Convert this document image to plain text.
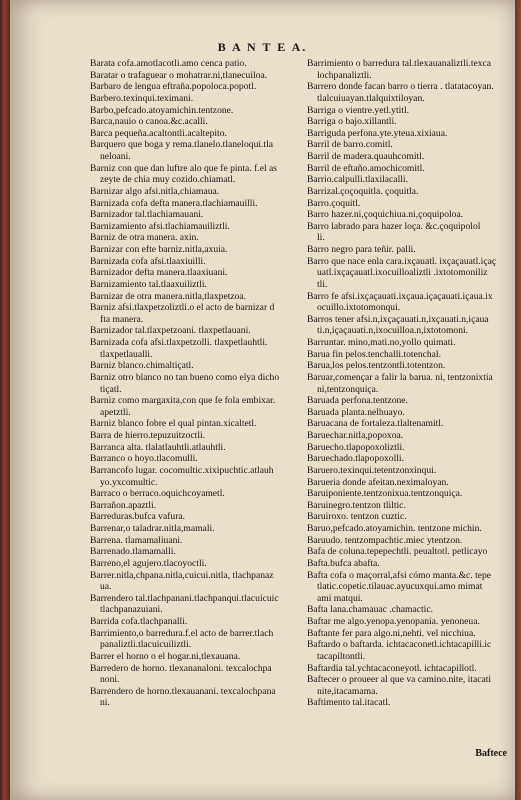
B A N T E A.
Barata cofa.amotlacotli.amo cenca patio.
Baratar o trafaguear o mohatrar.ni,tlanecuiloa.
Barbaro de lengua eftraña.popoloca.popotl.
Barbero.texinqui.teximani.
Barbo,pefcado.atoyamichin.tentzone.
Barca,nauio o canoa.&c.acalli.
Barca pequeña.acaltontli.acaltepito.
Barquero que boga y rema.tlanelo.tlaneloqui.tla
neloani.
Barniz con que dan luftre alo que fe pinta. f.el as
zeyte de chia muy cozido.chiamatl.
Barnizar algo afsi.nitla,chiamaua.
Barnizada cofa defta manera.tlachiamauilli.
Barnizador tal.tlachiamauani.
Barnizamiento afsi.tlachiamauiliztli.
Barniz de otra manera. axin.
Barnizar con efte barniz.nitla,axuia.
Barnizada cofa afsi.tlaaxiuilli.
Barnizador defta manera.tlaaxiuani.
Barnizamiento tal.tlaaxuiliztli.
Barnizar de otra manera.nitla,tlaxpetzoa.
Barniz afsi.tlaxpetzoliztli.o el acto de barnizar d
fta manera.
Barnizador tal.tlaxpetzoani. tlaxpetlauani.
Barnizada cofa afsi.tlaxpetzolli. tlaxpetlauhtli.
tlaxpetlaualli.
Barniz blanco.chimaltiçatl.
Barniz otro blanco no tan bueno como elya dicho
tiçatl.
Barniz como margaxita,con que fe fola embixar.
apetztli.
Barniz blanco fobre el qual pintan.xicaltetl.
Barra de hierro.tepuzuitzoctli.
Barranca alta. tlalatlauhtli.atlauhtli.
Barranco o hoyo.tlacomulli.
Barrancofo lugar. cocomultic.xixipuchtic.atlauh
yo.yxcomultic.
Barraco o berraco.oquichcoyametl.
Barrañon.apaztli.
Barreduras.bufca vafura.
Barrenar,o taladrar.nitla,mamali.
Barrena. tlamamaliuani.
Barrenado.tlamamalli.
Barreno,el agujero.tlacoyoctli.
Barrer.nitla,chpana.nitla,cuicui.nitla, tlachpanaz
ua.
Barrendero tal.tlachpanani.tlachpanqui.tlacuicuic
tlachpanazuiani.
Barrida cofa.tlachpanalli.
Barrimiento,o barredura.f.el acto de barrer.tlach
panaliztli.tlacuicuiliztli.
Barrer el horno o el hogar.ni,tlexauana.
Barredero de horno. tlexananaloni. texcalochpa
noni.
Barrendero de horno.tlexauanani. texcalochpana
ni.
Barrimiento o barredura tal.tlexauanaliztli.texca
lochpanaliztli.
Barrero donde facan barro o tierra . tlatatacoyan.
tlalcuiuayan.tlalquixtiloyan.
Barriga o vientre.yetl.ytitl.
Barriga o bajo.xillantli.
Barriguda perfona.yte.yteua.xixiaua.
Barril de barro.comitl.
Barril de madera.quauhcomitl.
Barril de eftaño.amochicomitl.
Barrio.calpulli.tlaxilacalli.
Barrizal.çoçoquitla. çoquitla.
Barro.çoquitl.
Barro hazer.ni,çoquichiua.ni,çoquipoloa.
Barro labrado para hazer loça. &c.çoquipolol
li.
Barro negro para teñir. palli.
Barro que nace enla cara.ixçauatl. ixçaçauatl.içaç
uatl.ixçaçauatl.ixocuilloaliztli .ixtotomoniliz
tli.
Barro fe afsi.ixçaçauati.ixçaua.içaçauati.içaua.ix
ocuillo.ixtotomonqui.
Barros tener afsi.n,ixçaçauati.n,ixçauati.n,içaua
ti.n,içaçauati.n,ixocuilloa.n,ixtotomoni.
Barruntar. mino,mati.no,yollo quimati.
Barua fin pelos.tenchalli.totenchal.
Barua,los pelos.tentzontli.totentzon.
Baruar,començar a falir la barua. ni, tentzonixtia
ni,tentzonquiça.
Baruada perfona.tentzone.
Baruada planta.nelhuayo.
Baruacana de fortaleza.tlaltenamitl.
Baruechar.nitla,popoxoa.
Baruecho.tlapopoxoliztli.
Baruechado.tlapopoxolli.
Baruero.texinqui.tetentzonxinqui.
Barueria donde afeitan.neximaloyan.
Baruiponiente.tentzonixua.tentzonquiça.
Baruinegro.tentzon tliltic.
Baruiroxo. tentzon cuztic.
Baruo,pefcado.atoyamichin. tentzone michin.
Baruudo. tentzompachtic.miec ytentzon.
Bafa de coluna.tepepechtli. peualtotl. petlicayo
Bafta.bufca abafta.
Bafta cofa o maçorral,afsi cómo manta.&c. tepe
tlatic.copetic.tilauac.ayucuxqui.amo mimat
ami matqui.
Bafta lana.chamauac .chamactic.
Baftar me algo.yenopa.yenopania. yenoneua.
Baftante fer para algo.ni,nehti. vel nicchiua.
Baftardo o baftarda. ichtacaconetl.ichtacapilli.ic
tacapiltontli.
Baftardia tal.ychtacaconeyotl. ichtacapillotl.
Baftecer o proueer al que va camino.nite, itacati
nite,itacamama.
Baftimento tal.itacatl.
Baftece
